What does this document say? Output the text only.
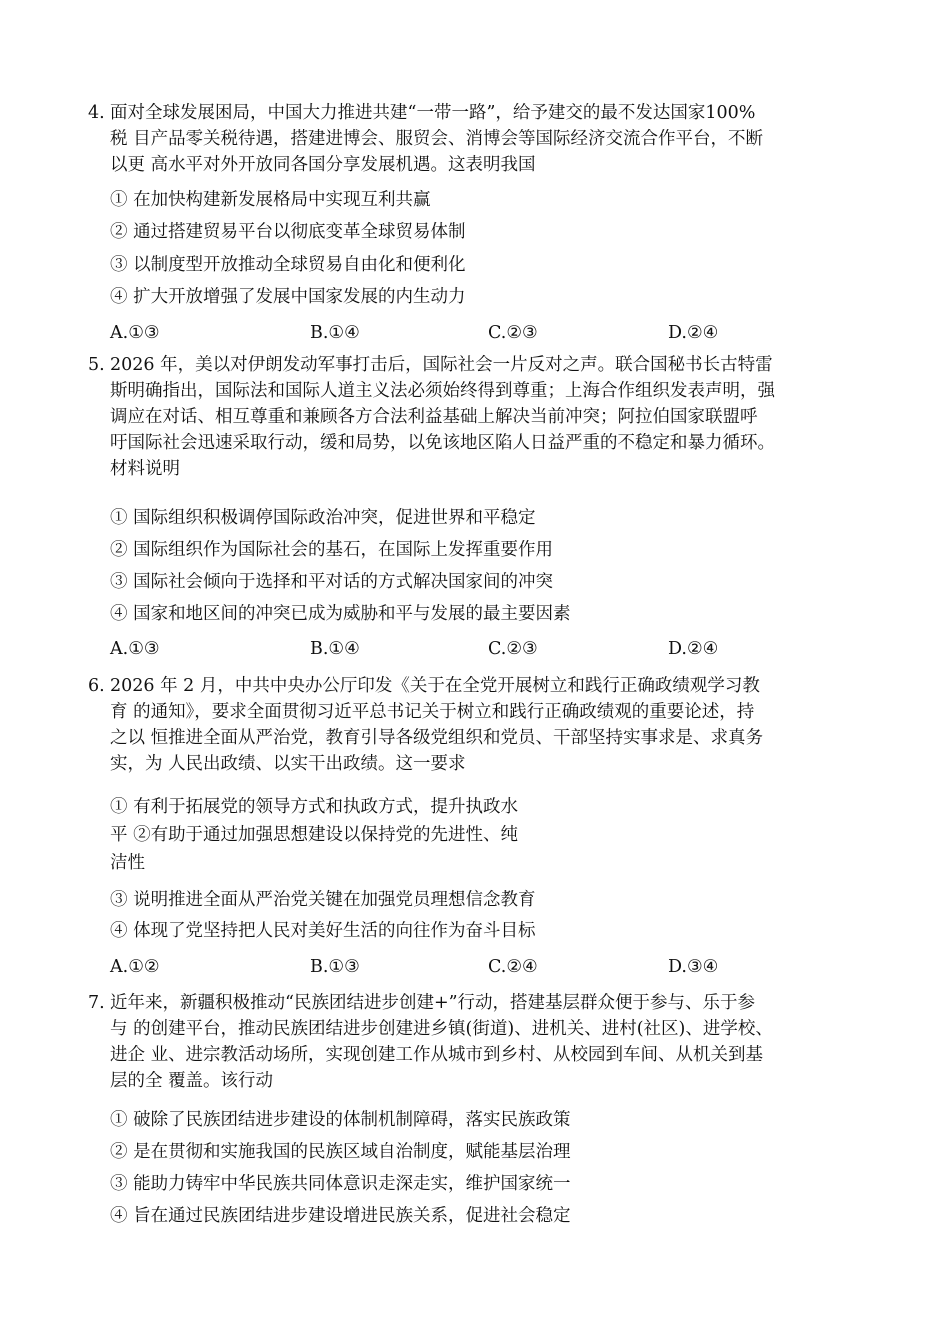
4. 面对全球发展困局，中国大力推进共建“一带一路”，给予建交的最不发达国家100%
税 目产品零关税待遇，搭建进博会、服贸会、消博会等国际经济交流合作平台，不断
以更 高水平对外开放同各国分享发展机遇。这表明我国
① 在加快构建新发展格局中实现互利共赢
② 通过搭建贸易平台以彻底变革全球贸易体制
③ 以制度型开放推动全球贸易自由化和便利化
④ 扩大开放增强了发展中国家发展的内生动力
A.①③	B.①④	C.②③	D.②④
5. 2026 年，美以对伊朗发动军事打击后，国际社会一片反对之声。联合国秘书长古特雷
斯明确指出，国际法和国际人道主义法必须始终得到尊重；上海合作组织发表声明，强
调应在对话、相互尊重和兼顾各方合法利益基础上解决当前冲突；阿拉伯国家联盟呼
吁国际社会迅速采取行动，缓和局势，以免该地区陷人日益严重的不稳定和暴力循环。
材料说明
① 国际组织积极调停国际政治冲突，促进世界和平稳定
② 国际组织作为国际社会的基石，在国际上发挥重要作用
③ 国际社会倾向于选择和平对话的方式解决国家间的冲突
④ 国家和地区间的冲突已成为威胁和平与发展的最主要因素
A.①③	B.①④	C.②③	D.②④
6. 2026 年 2 月，中共中央办公厅印发《关于在全党开展树立和践行正确政绩观学习教
育 的通知》，要求全面贯彻习近平总书记关于树立和践行正确政绩观的重要论述，持
之以 恒推进全面从严治党，教育引导各级党组织和党员、干部坚持实事求是、求真务
实，为 人民出政绩、以实干出政绩。这一要求
① 有利于拓展党的领导方式和执政方式，提升执政水
平 ②有助于通过加强思想建设以保持党的先进性、纯
洁性
③ 说明推进全面从严治党关键在加强党员理想信念教育
④ 体现了党坚持把人民对美好生活的向往作为奋斗目标
A.①②	B.①③	C.②④	D.③④
7. 近年来，新疆积极推动“民族团结进步创建+”行动，搭建基层群众便于参与、乐于参
与 的创建平台，推动民族团结进步创建进乡镇(街道)、进机关、进村(社区)、进学校、
进企 业、进宗教活动场所，实现创建工作从城市到乡村、从校园到车间、从机关到基
层的全 覆盖。该行动
① 破除了民族团结进步建设的体制机制障碍，落实民族政策
② 是在贯彻和实施我国的民族区域自治制度，赋能基层治理
③ 能助力铸牢中华民族共同体意识走深走实，维护国家统一
④ 旨在通过民族团结进步建设增进民族关系，促进社会稳定
